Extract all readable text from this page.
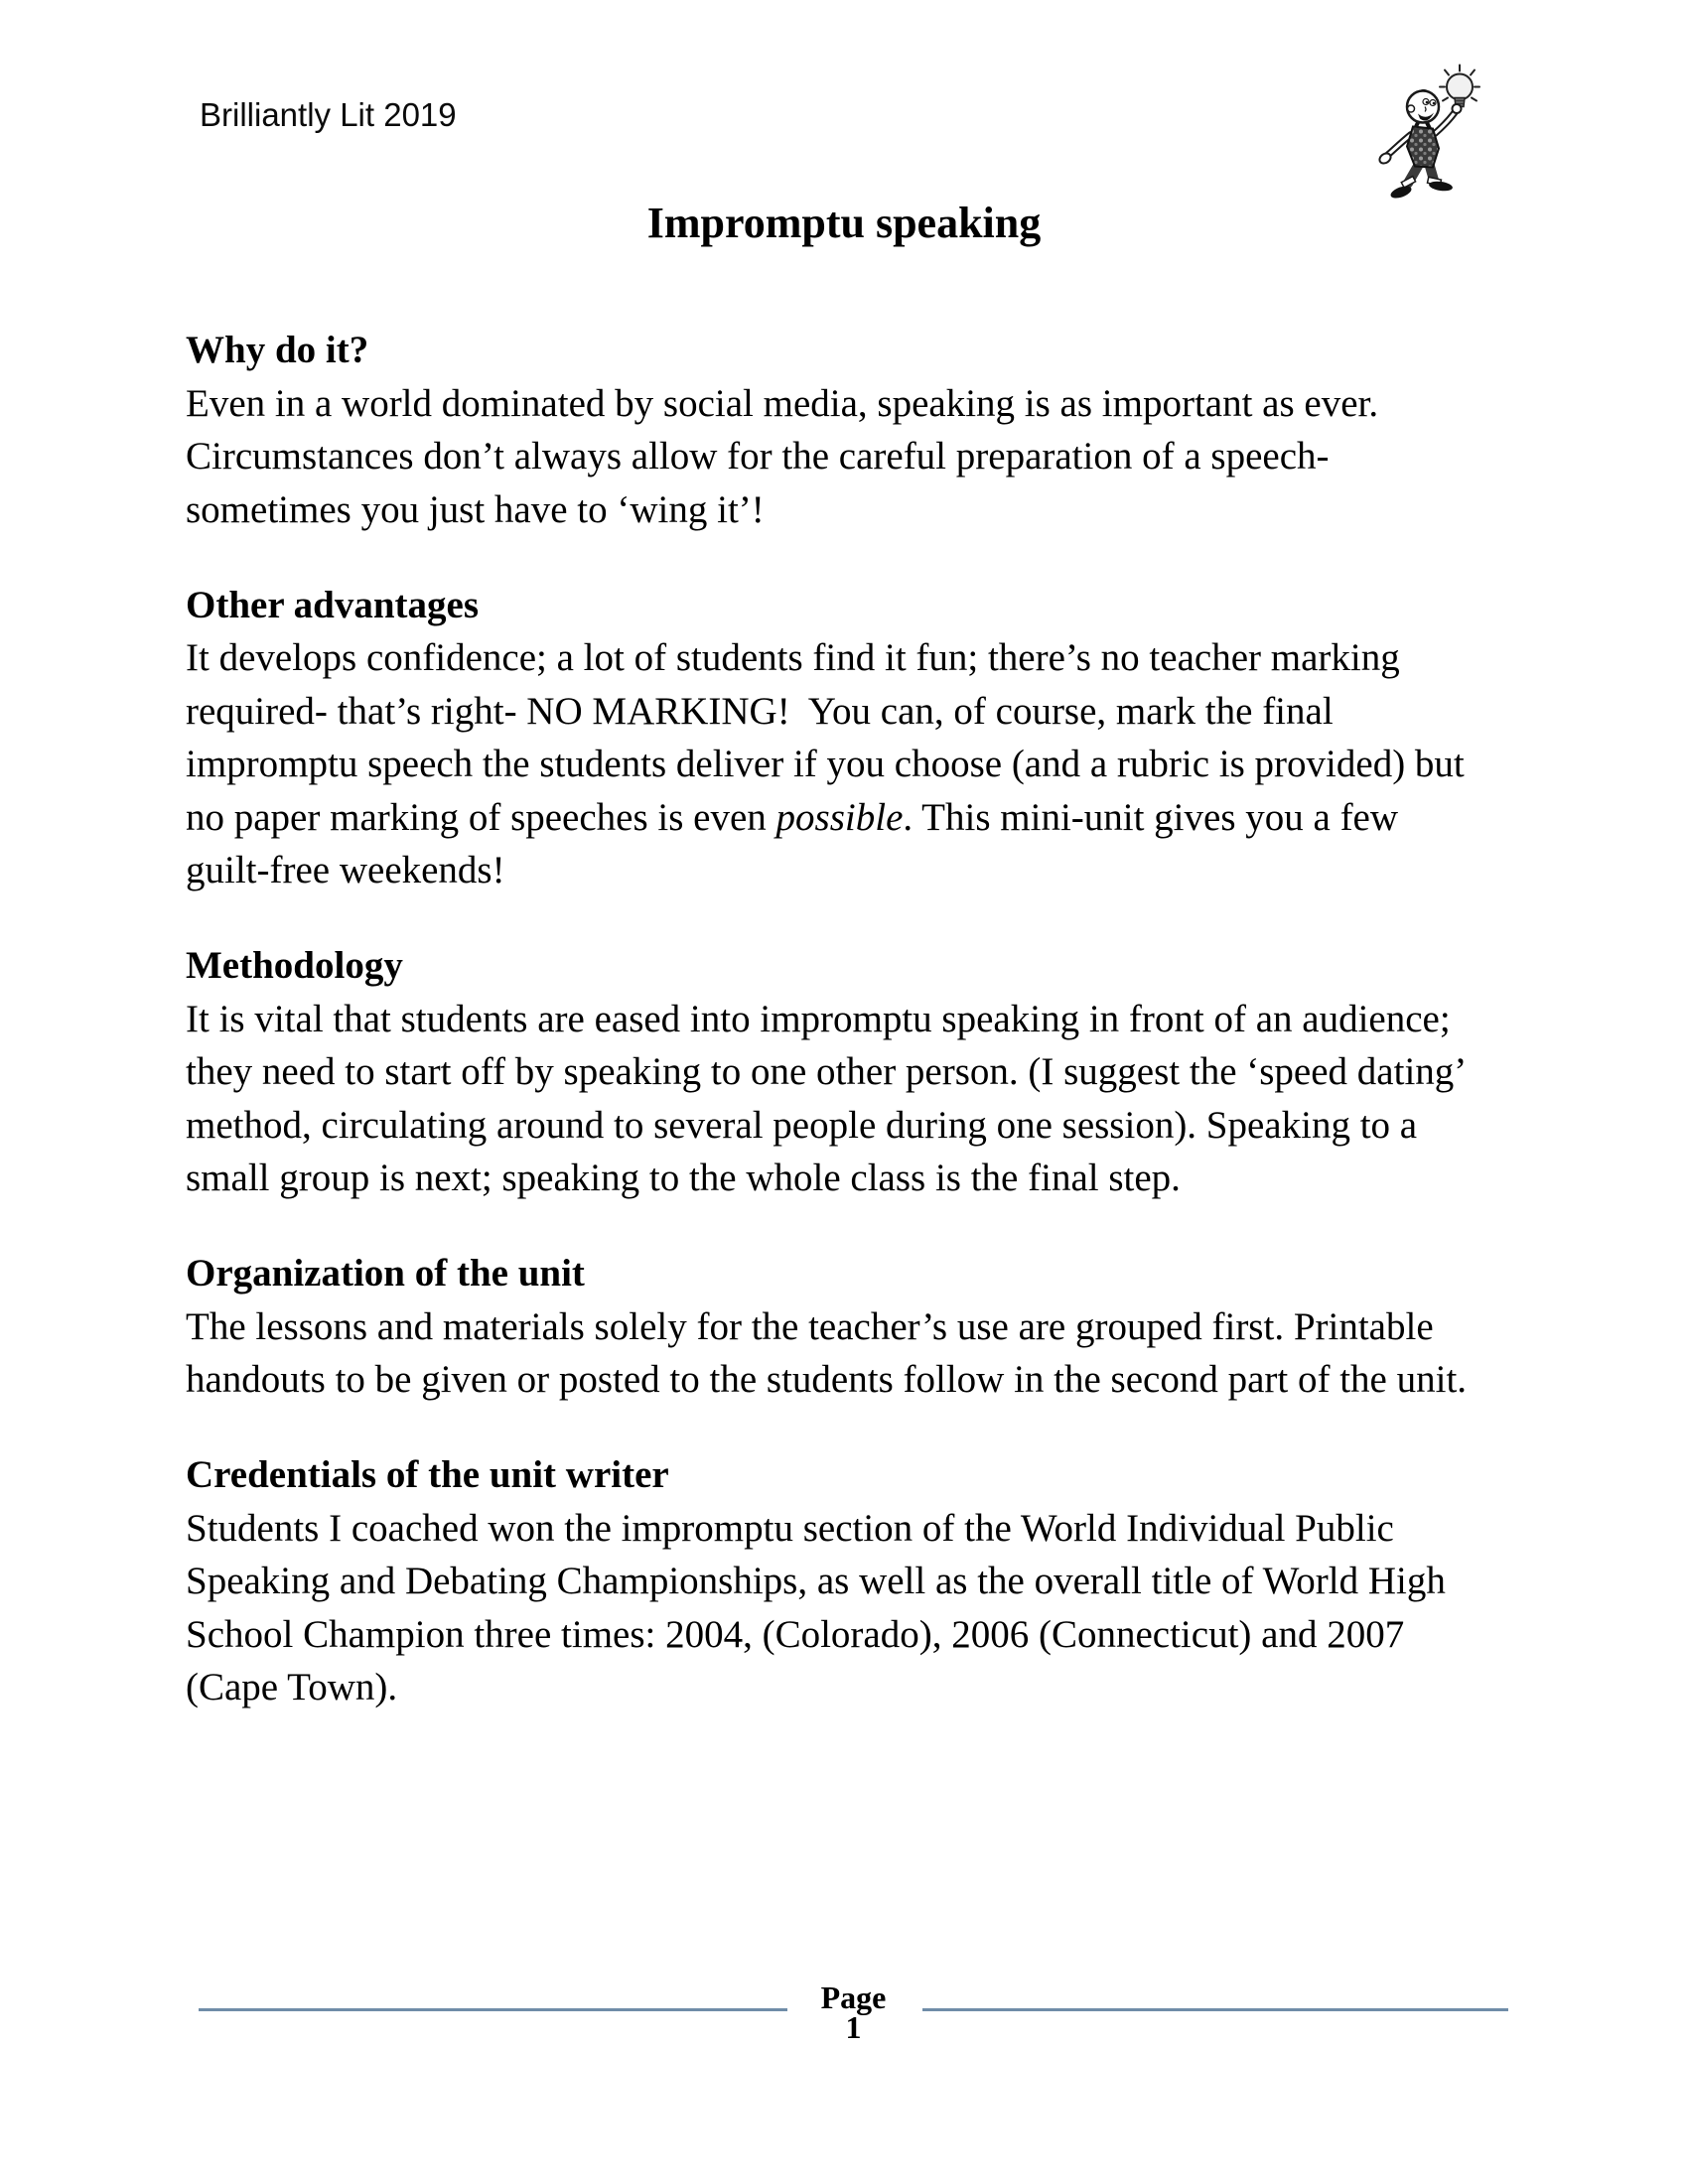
Brilliantly Lit 2019
Impromptu speaking
Why do it?

Even in a world dominated by social media, speaking is as important as ever.
Circumstances don’t always allow for the careful preparation of a speech-
sometimes you just have to ‘wing it’!

Other advantages

It develops confidence; a lot of students find it fun; there’s no teacher marking
required- that’s right- NO MARKING!  You can, of course, mark the final
impromptu speech the students deliver if you choose (and a rubric is provided) but
no paper marking of speeches is even possible. This mini-unit gives you a few
guilt-free weekends!

Methodology

It is vital that students are eased into impromptu speaking in front of an audience;
they need to start off by speaking to one other person. (I suggest the ‘speed dating’
method, circulating around to several people during one session). Speaking to a
small group is next; speaking to the whole class is the final step.

Organization of the unit

The lessons and materials solely for the teacher’s use are grouped first. Printable
handouts to be given or posted to the students follow in the second part of the unit.

Credentials of the unit writer

Students I coached won the impromptu section of the World Individual Public
Speaking and Debating Championships, as well as the overall title of World High
School Champion three times: 2004, (Colorado), 2006 (Connecticut) and 2007
(Cape Town).

Page
1
